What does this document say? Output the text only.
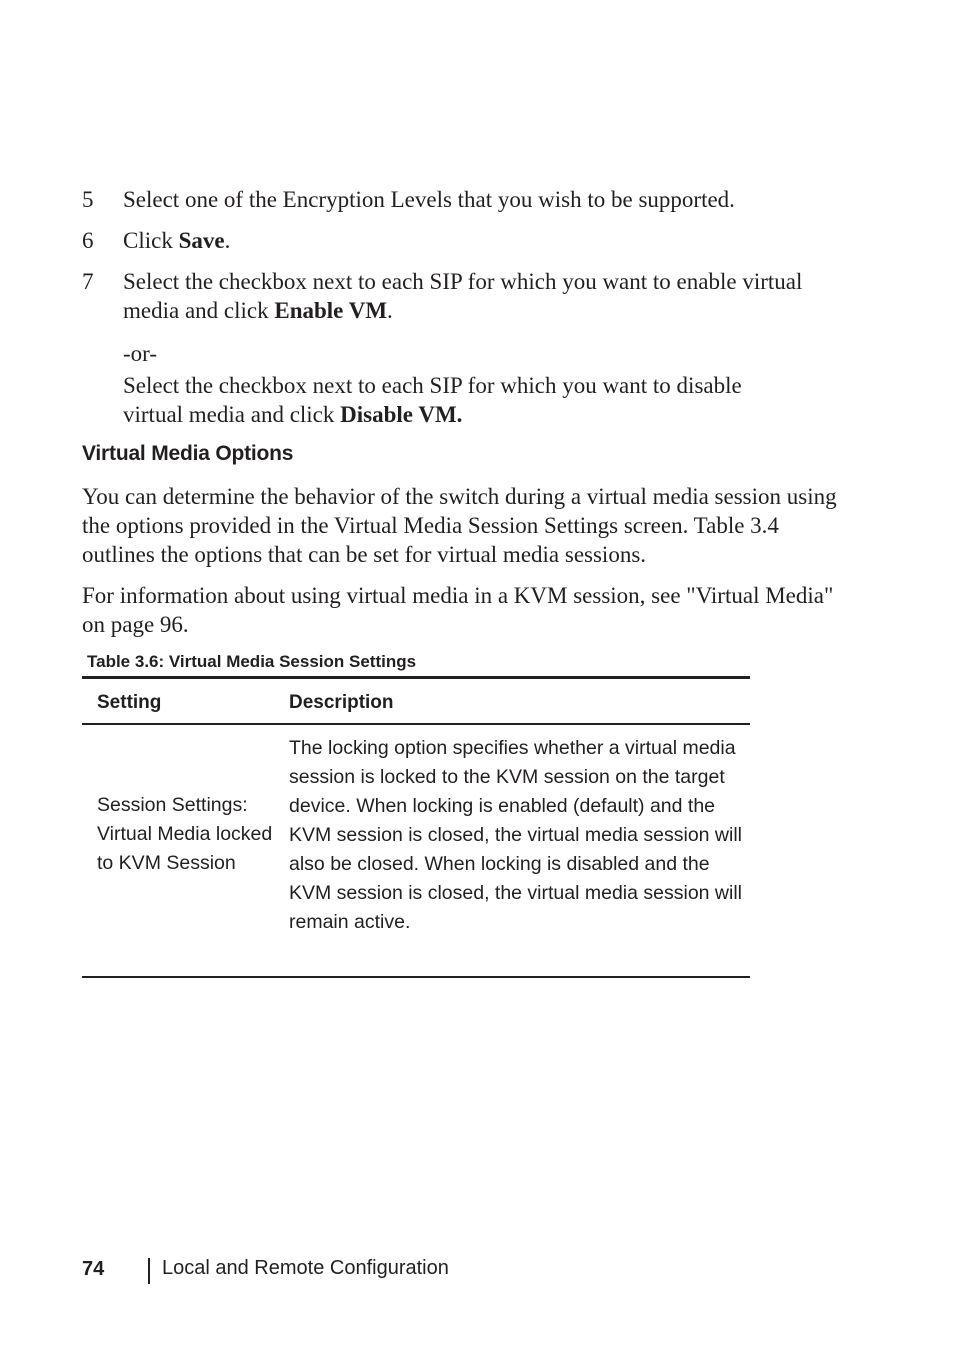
5 Select one of the Encryption Levels that you wish to be supported.
6 Click Save.
7 Select the checkbox next to each SIP for which you want to enable virtual media and click Enable VM.
-or-
Select the checkbox next to each SIP for which you want to disable virtual media and click Disable VM.
Virtual Media Options
You can determine the behavior of the switch during a virtual media session using the options provided in the Virtual Media Session Settings screen. Table 3.4 outlines the options that can be set for virtual media sessions.
For information about using virtual media in a KVM session, see "Virtual Media" on page 96.
Table 3.6: Virtual Media Session Settings
Setting	Description
Session Settings: Virtual Media locked to KVM Session
The locking option specifies whether a virtual media session is locked to the KVM session on the target device. When locking is enabled (default) and the KVM session is closed, the virtual media session will also be closed. When locking is disabled and the KVM session is closed, the virtual media session will remain active.
74	Local and Remote Configuration
